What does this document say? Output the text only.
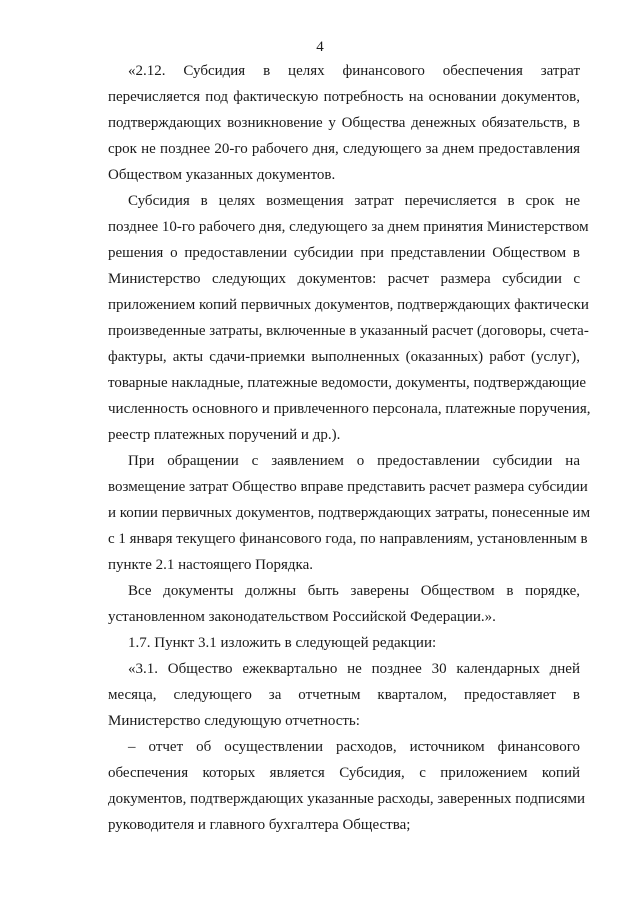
4
«2.12. Субсидия в целях финансового обеспечения затрат
перечисляется под фактическую потребность на основании документов,
подтверждающих возникновение у Общества денежных обязательств, в
срок не позднее 20-го рабочего дня, следующего за днем предоставления
Обществом указанных документов.
Субсидия в целях возмещения затрат перечисляется в срок не
позднее 10-го рабочего дня, следующего за днем принятия Министерством
решения о предоставлении субсидии при представлении Обществом в
Министерство следующих документов: расчет размера субсидии с
приложением копий первичных документов, подтверждающих фактически
произведенные затраты, включенные в указанный расчет (договоры, счета-
фактуры, акты сдачи-приемки выполненных (оказанных) работ (услуг),
товарные накладные, платежные ведомости, документы, подтверждающие
численность основного и привлеченного персонала, платежные поручения,
реестр платежных поручений и др.).
При обращении с заявлением о предоставлении субсидии на
возмещение затрат Общество вправе представить расчет размера субсидии
и копии первичных документов, подтверждающих затраты, понесенные им
с 1 января текущего финансового года, по направлениям, установленным в
пункте 2.1 настоящего Порядка.
Все документы должны быть заверены Обществом в порядке,
установленном законодательством Российской Федерации.».
1.7. Пункт 3.1 изложить в следующей редакции:
«3.1. Общество ежеквартально не позднее 30 календарных дней
месяца, следующего за отчетным кварталом, предоставляет в
Министерство следующую отчетность:
– отчет об осуществлении расходов, источником финансового
обеспечения которых является Субсидия, с приложением копий
документов, подтверждающих указанные расходы, заверенных подписями
руководителя и главного бухгалтера Общества;
